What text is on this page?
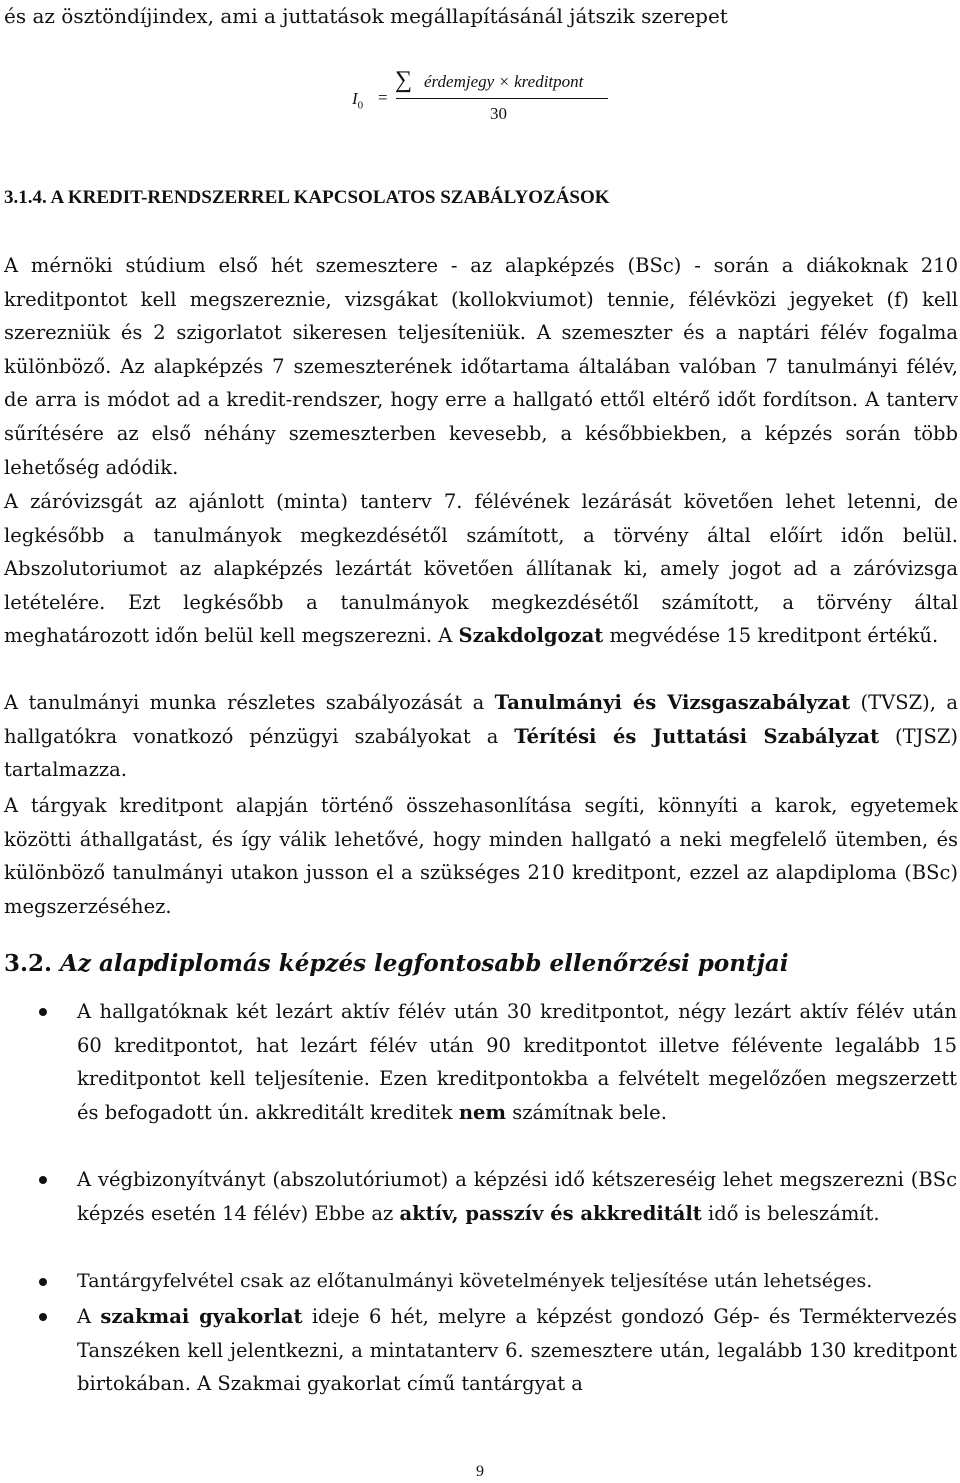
és az ösztöndíjindex, ami a juttatások megállapításánál játszik szerepet

$I_0$ =
∑ érdemjegy × kreditpont
30
3.1.4. A KREDIT-RENDSZERREL KAPCSOLATOS SZABÁLYOZÁSOK

A mérnöki stúdium első hét szemesztere - az alapképzés (BSc) - során a diákoknak 210 kreditpontot kell megszereznie, vizsgákat (kollokviumot) tennie, félévközi jegyeket (f) kell szerezniük és 2 szigorlatot sikeresen teljesíteniük. A szemeszter és a naptári félév fogalma különböző. Az alapképzés 7 szemeszterének időtartama általában valóban 7 tanulmányi félév, de arra is módot ad a kredit-rendszer, hogy erre a hallgató ettől eltérő időt fordítson. A tanterv sűrítésére az első néhány szemeszterben kevesebb, a későbbiekben, a képzés során több lehetőség adódik.

A záróvizsgát az ajánlott (minta) tanterv 7. félévének lezárását követően lehet letenni, de legkésőbb a tanulmányok megkezdésétől számított, a törvény által előírt időn belül. Abszolutoriumot az alapképzés lezártát követően állítanak ki, amely jogot ad a záróvizsga letételére. Ezt legkésőbb a tanulmányok megkezdésétől számított, a törvény által meghatározott időn belül kell megszerezni. A Szakdolgozat megvédése 15 kreditpont értékű.

A tanulmányi munka részletes szabályozását a Tanulmányi és Vizsgaszabályzat (TVSZ), a hallgatókra vonatkozó pénzügyi szabályokat a Térítési és Juttatási Szabályzat (TJSZ) tartalmazza.

A tárgyak kreditpont alapján történő összehasonlítása segíti, könnyíti a karok, egyetemek közötti áthallgatást, és így válik lehetővé, hogy minden hallgató a neki megfelelő ütemben, és különböző tanulmányi utakon jusson el a szükséges 210 kreditpont, ezzel az alapdiploma (BSc) megszerzéséhez.

3.2. Az alapdiplomás képzés legfontosabb ellenőrzési pontjai

A hallgatóknak két lezárt aktív félév után 30 kreditpontot, négy lezárt aktív félév után 60 kreditpontot, hat lezárt félév után 90 kreditpontot illetve félévente legalább 15 kreditpontot kell teljesítenie. Ezen kreditpontokba a felvételt megelőzően megszerzett és befogadott ún. akkreditált kreditek nem számítnak bele.

A végbizonyítványt (abszolutóriumot) a képzési idő kétszereséig lehet megszerezni (BSc képzés esetén 14 félév) Ebbe az aktív, passzív és akkreditált idő is beleszámít.

Tantárgyfelvétel csak az előtanulmányi követelmények teljesítése után lehetséges.

A szakmai gyakorlat ideje 6 hét, melyre a képzést gondozó Gép- és Terméktervezés Tanszéken kell jelentkezni, a mintatanterv 6. szemesztere után, legalább 130 kreditpont birtokában. A Szakmai gyakorlat című tantárgyat a

9
